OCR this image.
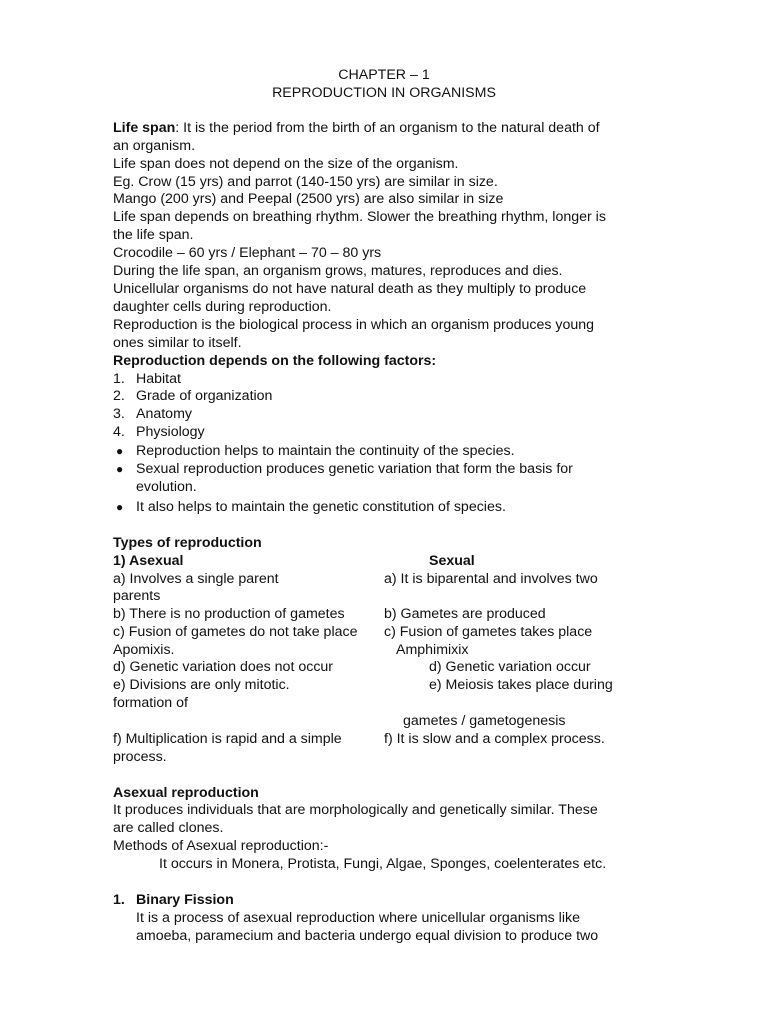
CHAPTER – 1
REPRODUCTION IN ORGANISMS
Life span: It is the period from the birth of an organism to the natural death of
an organism.
Life span does not depend on the size of the organism.
Eg. Crow (15 yrs) and parrot (140-150 yrs) are similar in size.
Mango (200 yrs) and Peepal (2500 yrs) are also similar in size
Life span depends on breathing rhythm. Slower the breathing rhythm, longer is
the life span.
Crocodile – 60 yrs / Elephant – 70 – 80 yrs
During the life span, an organism grows, matures, reproduces and dies.
Unicellular organisms do not have natural death as they multiply to produce
daughter cells during reproduction.
Reproduction is the biological process in which an organism produces young
ones similar to itself.
Reproduction depends on the following factors:
1. Habitat
2. Grade of organization
3. Anatomy
4. Physiology
● Reproduction helps to maintain the continuity of the species.
● Sexual reproduction produces genetic variation that form the basis for
evolution.
● It also helps to maintain the genetic constitution of species.
Types of reproduction
1) Asexual	Sexual
a) Involves a single parent	a) It is biparental and involves two
parents
b) There is no production of gametes	b) Gametes are produced
c) Fusion of gametes do not take place c) Fusion of gametes takes place
Apomixis.	Amphimixix
d) Genetic variation does not occur	d) Genetic variation occur
e) Divisions are only mitotic.	e) Meiosis takes place during
formation of
gametes / gametogenesis
f) Multiplication is rapid and a simple	f) It is slow and a complex process.
process.
Asexual reproduction
It produces individuals that are morphologically and genetically similar. These
are called clones.
Methods of Asexual reproduction:-
It occurs in Monera, Protista, Fungi, Algae, Sponges, coelenterates etc.
1. Binary Fission
It is a process of asexual reproduction where unicellular organisms like
amoeba, paramecium and bacteria undergo equal division to produce two
